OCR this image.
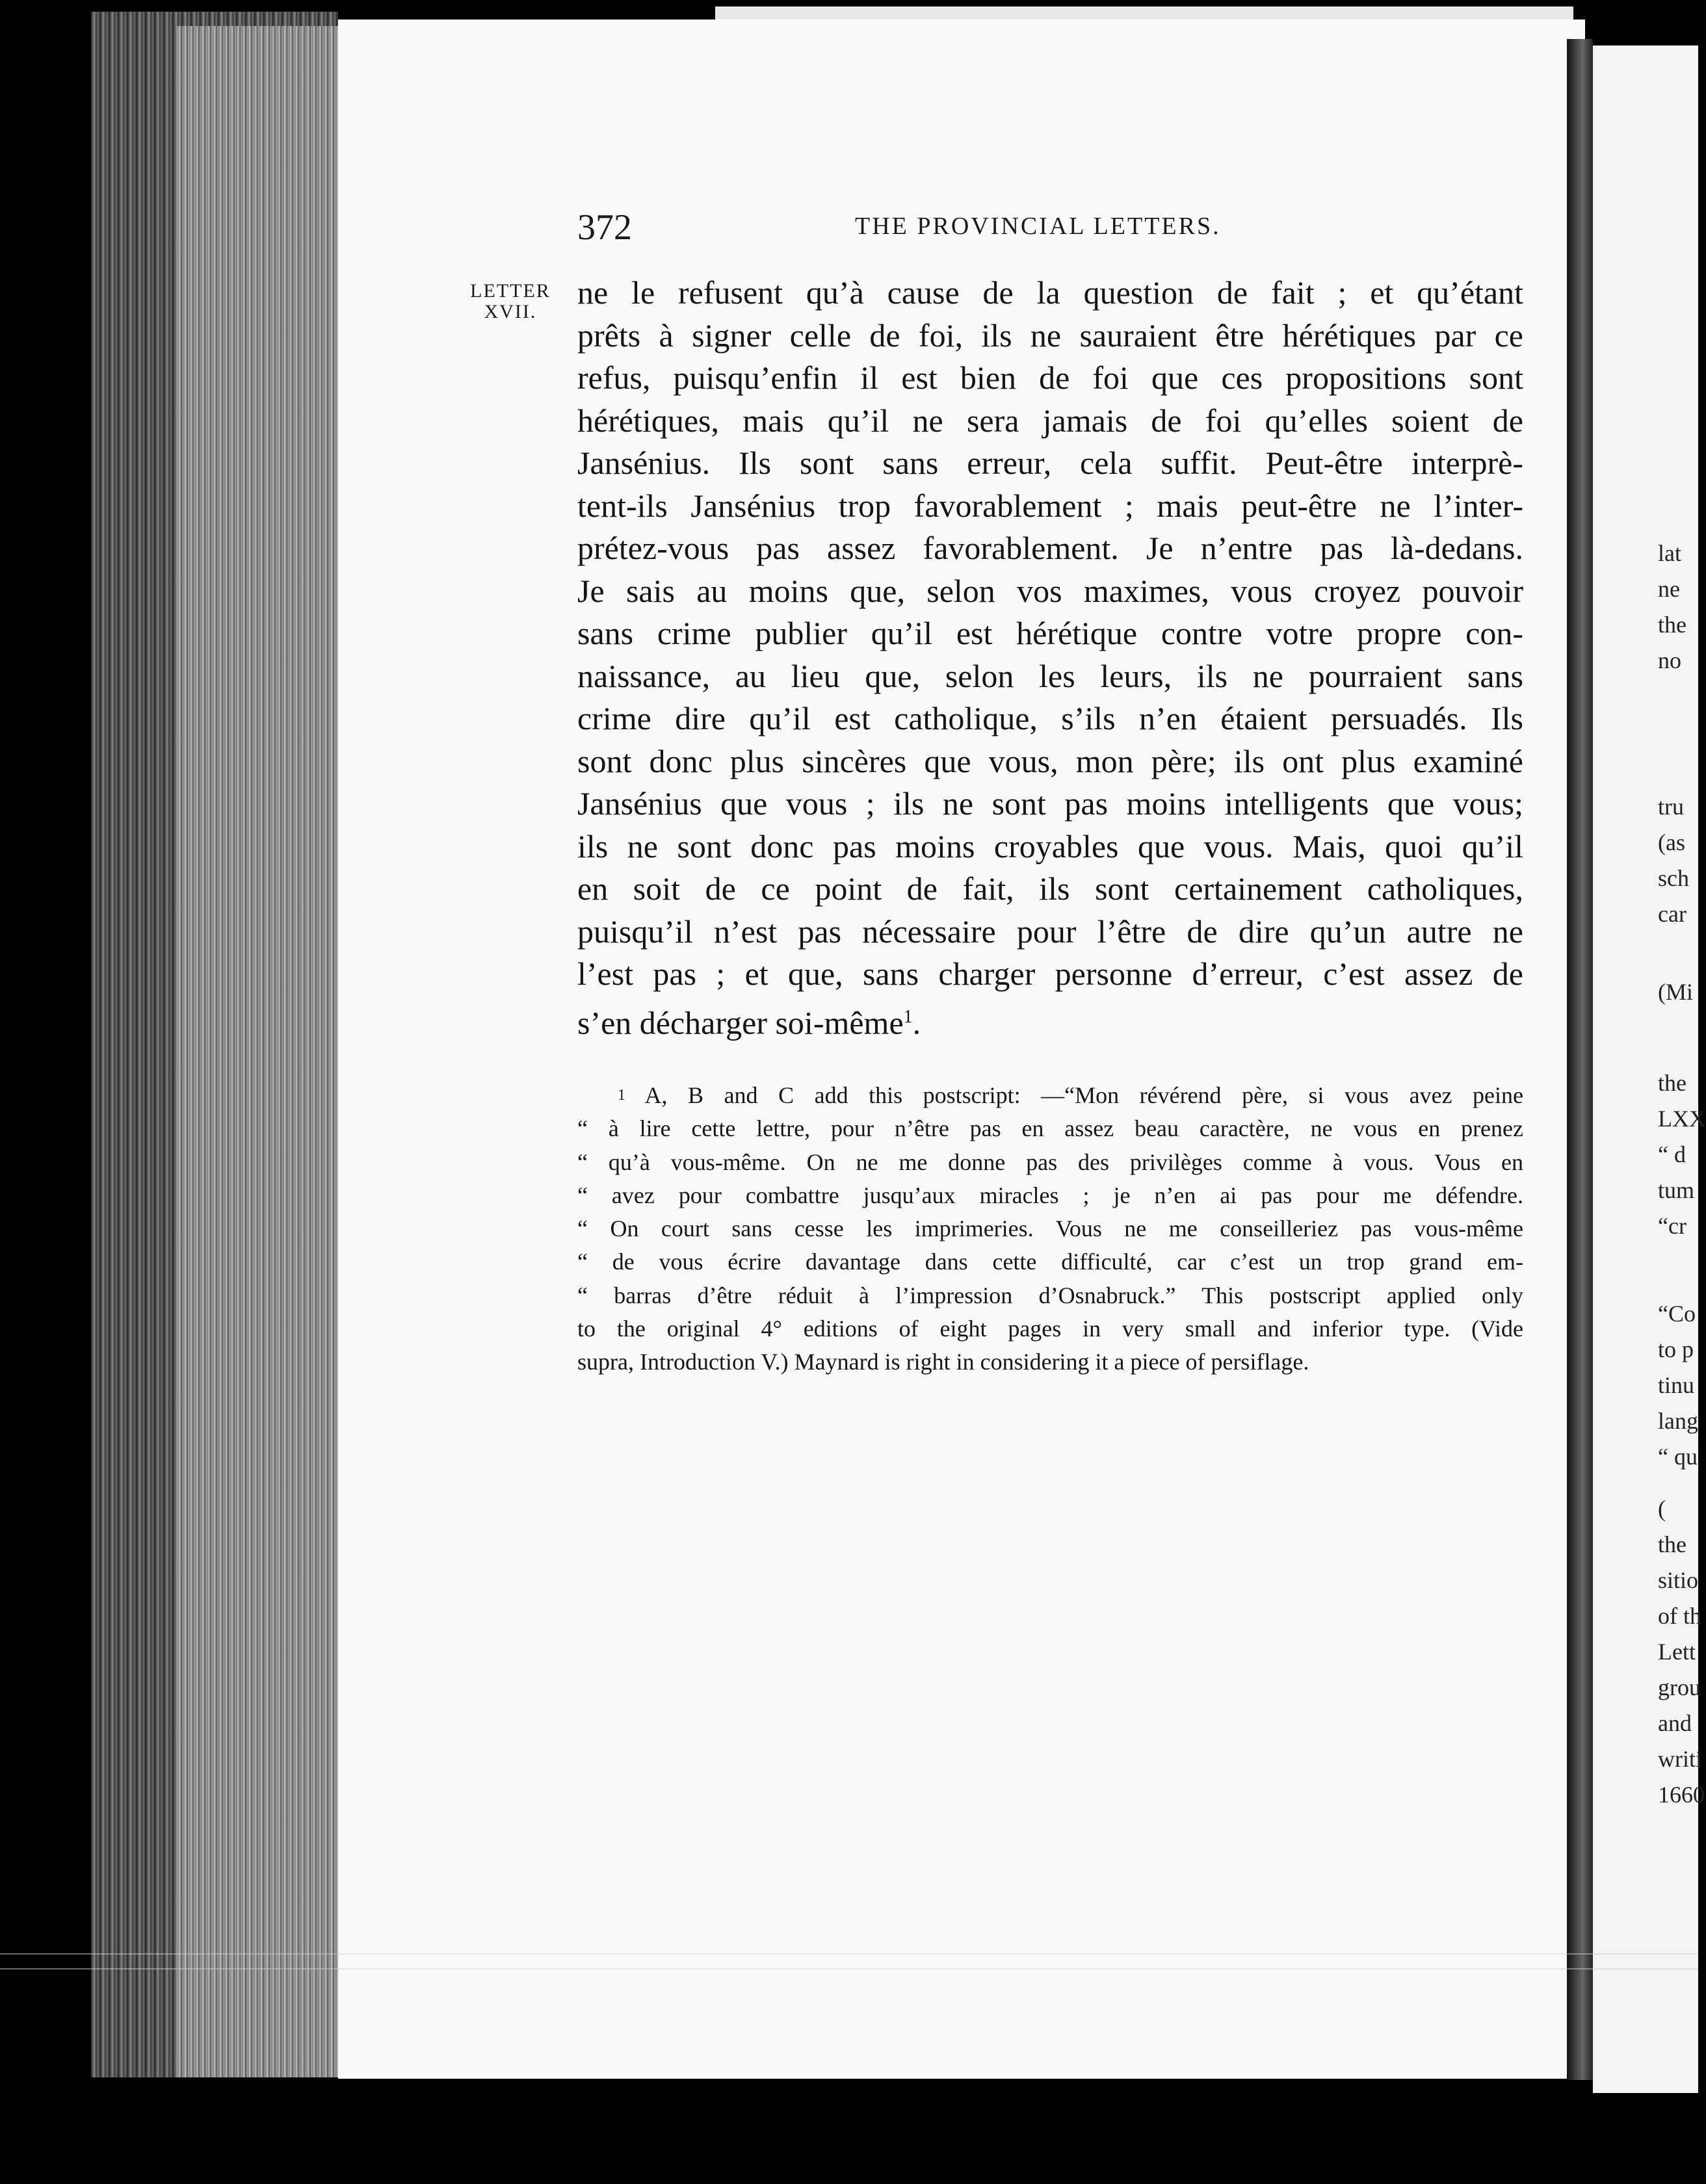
372	THE PROVINCIAL LETTERS.
LETTER
XVII.
ne le refusent qu’à cause de la question de fait ; et qu’étant
prêts à signer celle de foi, ils ne sauraient être hérétiques par ce
refus, puisqu’enfin il est bien de foi que ces propositions sont
hérétiques, mais qu’il ne sera jamais de foi qu’elles soient de
Jansénius. Ils sont sans erreur, cela suffit. Peut-être interprè-
tent-ils Jansénius trop favorablement ; mais peut-être ne l’inter-
prétez-vous pas assez favorablement. Je n’entre pas là-dedans.
Je sais au moins que, selon vos maximes, vous croyez pouvoir
sans crime publier qu’il est hérétique contre votre propre con-
naissance, au lieu que, selon les leurs, ils ne pourraient sans
crime dire qu’il est catholique, s’ils n’en étaient persuadés. Ils
sont donc plus sincères que vous, mon père; ils ont plus examiné
Jansénius que vous ; ils ne sont pas moins intelligents que vous;
ils ne sont donc pas moins croyables que vous. Mais, quoi qu’il
en soit de ce point de fait, ils sont certainement catholiques,
puisqu’il n’est pas nécessaire pour l’être de dire qu’un autre ne
l’est pas ; et que, sans charger personne d’erreur, c’est assez de
s’en décharger soi-même$^1$.
$^1$ A, B and C add this postscript: —“Mon révérend père, si vous avez peine
“ à lire cette lettre, pour n’être pas en assez beau caractère, ne vous en prenez
“ qu’à vous-même. On ne me donne pas des privilèges comme à vous. Vous en
“ avez pour combattre jusqu’aux miracles ; je n’en ai pas pour me défendre.
“ On court sans cesse les imprimeries. Vous ne me conseilleriez pas vous-même
“ de vous écrire davantage dans cette difficulté, car c’est un trop grand em-
“ barras d’être réduit à l’impression d’Osnabruck.” This postscript applied only
to the original 4° editions of eight pages in very small and inferior type. (Vide
supra, Introduction V.) Maynard is right in considering it a piece of persiflage.
lat
ne
the
no
tru
(as
sch
car
(Mi
the
LXX
“ d
tum
“cr
“Co
to p
tinu
lang
“ qu
(
the
sitio
of th
Lett
grou
and
writi
1660
